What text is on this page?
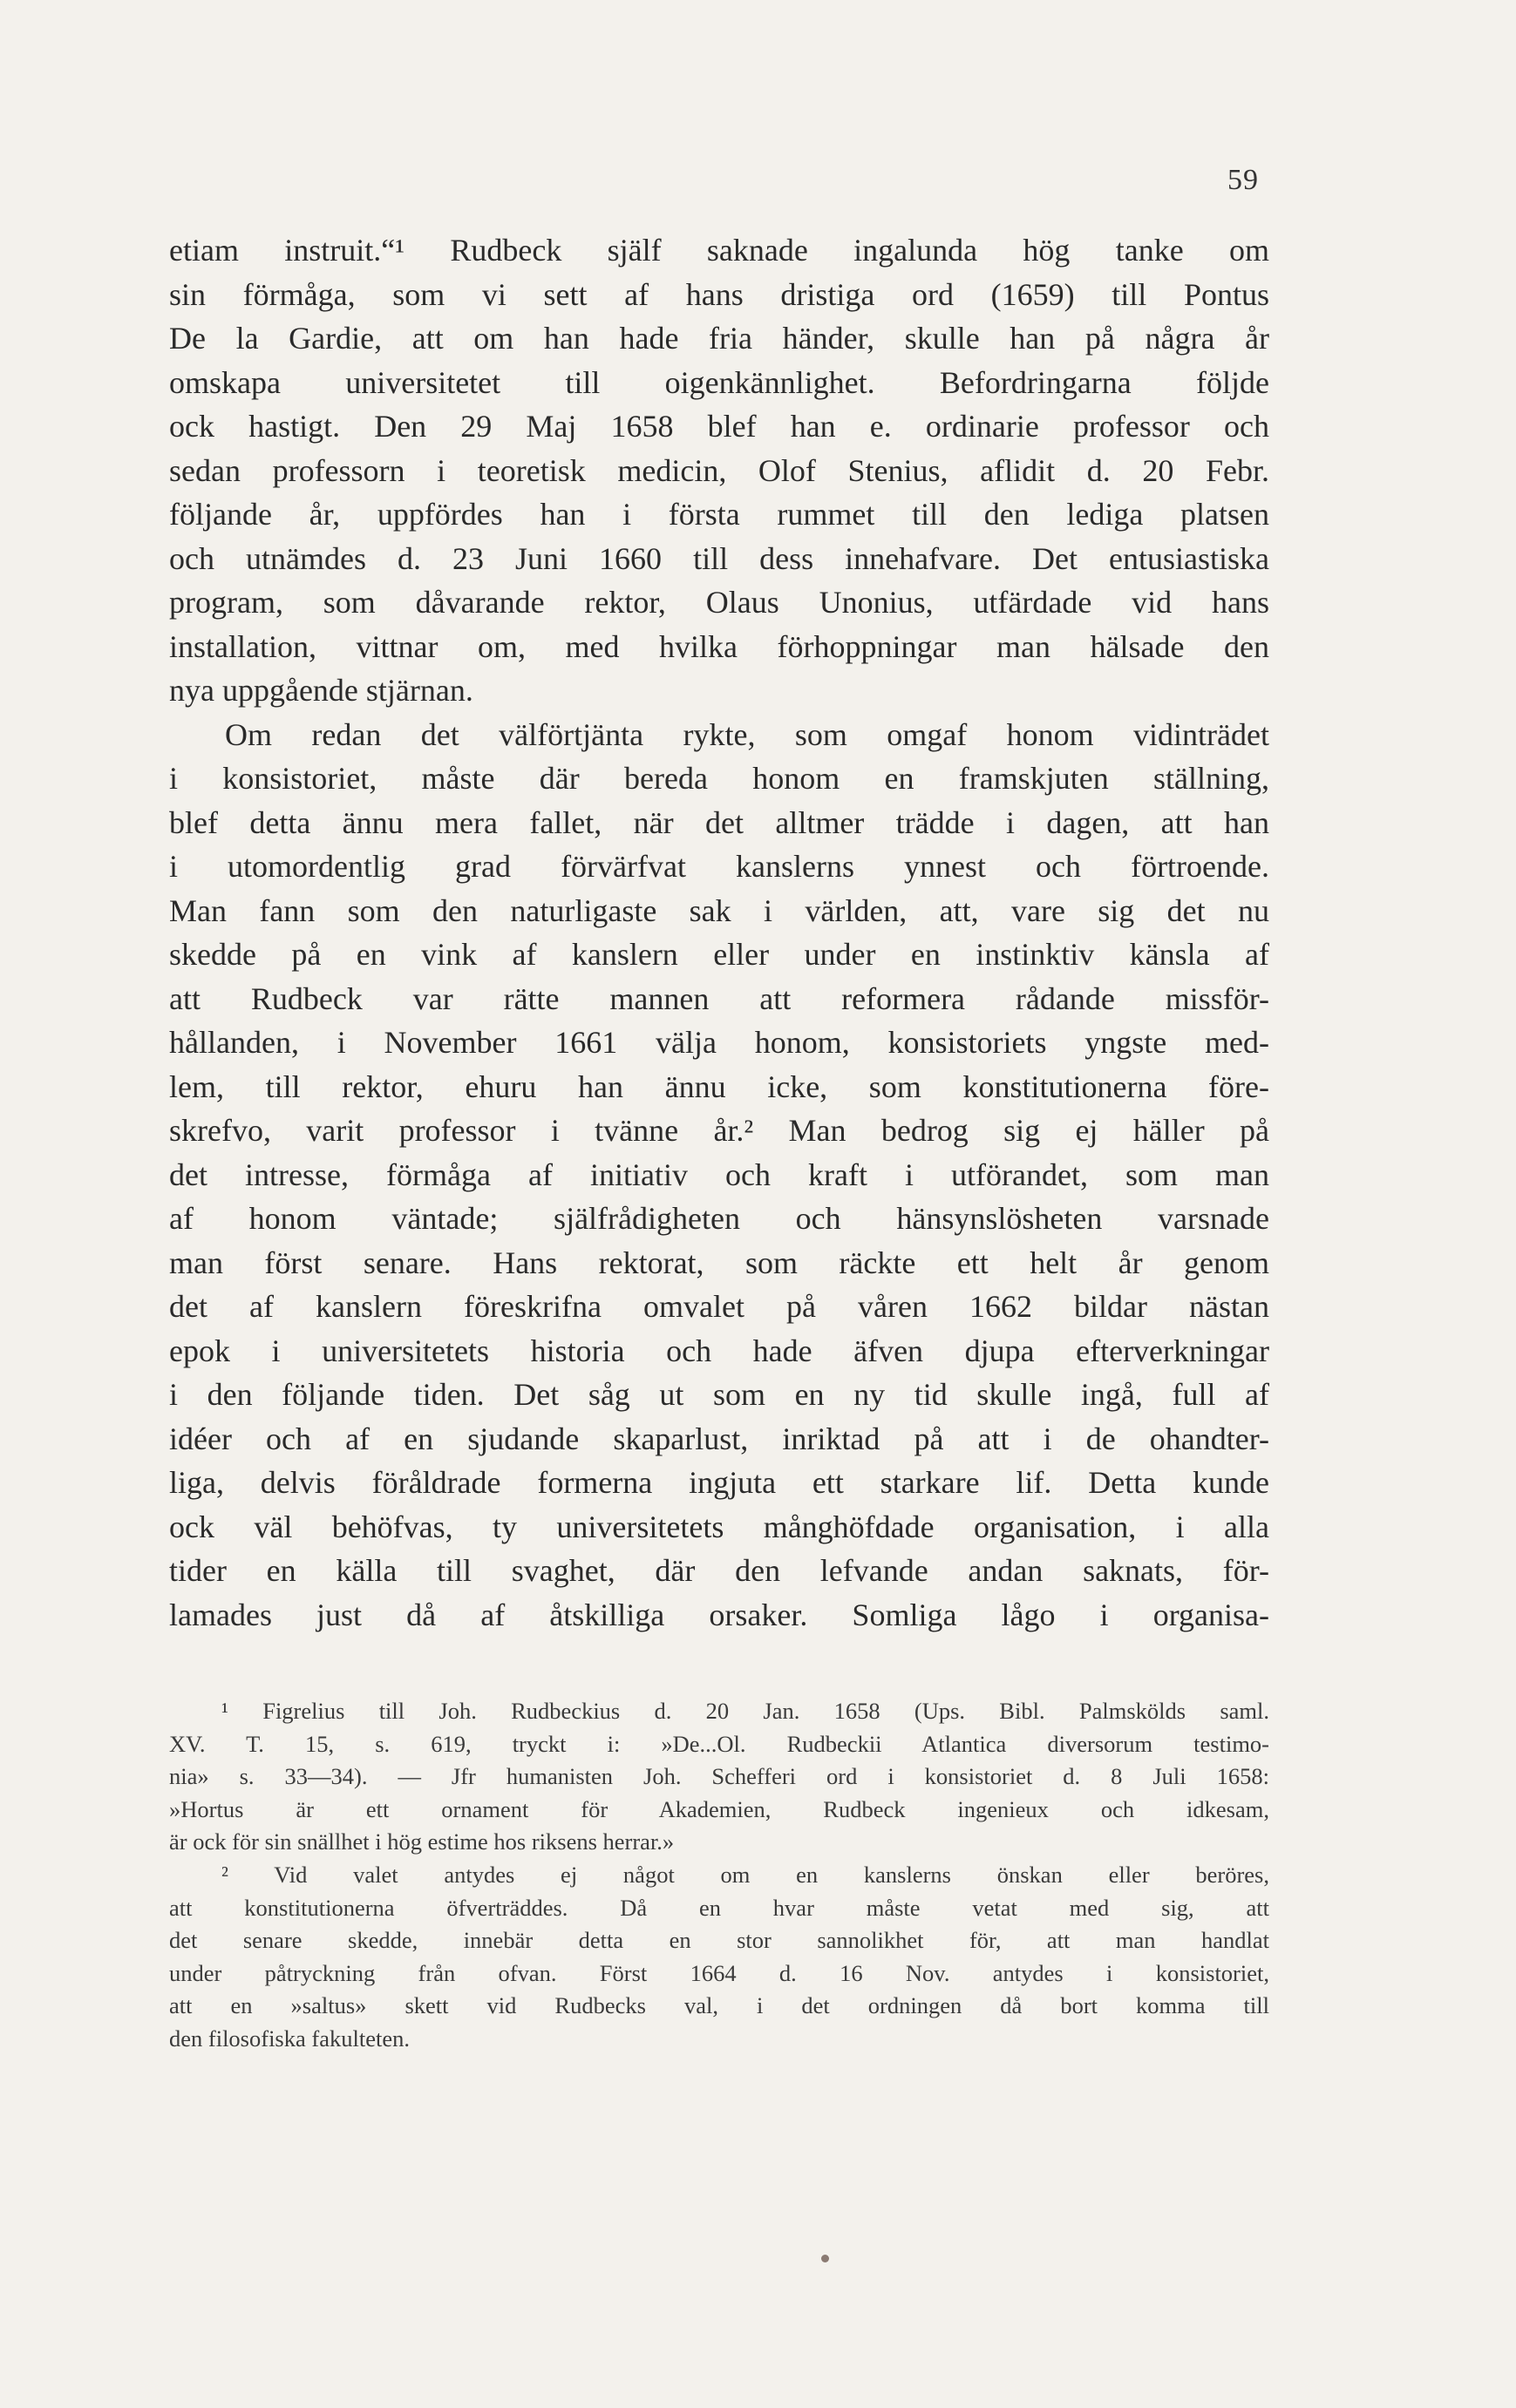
59
etiam instruit.“¹ Rudbeck själf saknade ingalunda hög tanke om
sin förmåga, som vi sett af hans dristiga ord (1659) till Pontus
De la Gardie, att om han hade fria händer, skulle han på några år
omskapa universitetet till oigenkännlighet. Befordringarna följde
ock hastigt. Den 29 Maj 1658 blef han e. ordinarie professor och
sedan professorn i teoretisk medicin, Olof Stenius, aflidit d. 20 Febr.
följande år, uppfördes han i första rummet till den lediga platsen
och utnämdes d. 23 Juni 1660 till dess innehafvare. Det entusiastiska
program, som dåvarande rektor, Olaus Unonius, utfärdade vid hans
installation, vittnar om, med hvilka förhoppningar man hälsade den
nya uppgående stjärnan.
Om redan det välförtjänta rykte, som omgaf honom vidinträdet
i konsistoriet, måste där bereda honom en framskjuten ställning,
blef detta ännu mera fallet, när det alltmer trädde i dagen, att han
i utomordentlig grad förvärfvat kanslerns ynnest och förtroende.
Man fann som den naturligaste sak i världen, att, vare sig det nu
skedde på en vink af kanslern eller under en instinktiv känsla af
att Rudbeck var rätte mannen att reformera rådande missför-
hållanden, i November 1661 välja honom, konsistoriets yngste med-
lem, till rektor, ehuru han ännu icke, som konstitutionerna före-
skrefvo, varit professor i tvänne år.² Man bedrog sig ej häller på
det intresse, förmåga af initiativ och kraft i utförandet, som man
af honom väntade; själfrådigheten och hänsynslösheten varsnade
man först senare. Hans rektorat, som räckte ett helt år genom
det af kanslern föreskrifna omvalet på våren 1662 bildar nästan
epok i universitetets historia och hade äfven djupa efterverkningar
i den följande tiden. Det såg ut som en ny tid skulle ingå, full af
idéer och af en sjudande skaparlust, inriktad på att i de ohandter-
liga, delvis föråldrade formerna ingjuta ett starkare lif. Detta kunde
ock väl behöfvas, ty universitetets månghöfdade organisation, i alla
tider en källa till svaghet, där den lefvande andan saknats, för-
lamades just då af åtskilliga orsaker. Somliga lågo i organisa-
¹ Figrelius till Joh. Rudbeckius d. 20 Jan. 1658 (Ups. Bibl. Palmskölds saml.
XV. T. 15, s. 619, tryckt i: »De...Ol. Rudbeckii Atlantica diversorum testimo-
nia» s. 33—34). — Jfr humanisten Joh. Schefferi ord i konsistoriet d. 8 Juli 1658:
»Hortus är ett ornament för Akademien, Rudbeck ingenieux och idkesam,
är ock för sin snällhet i hög estime hos riksens herrar.»
² Vid valet antydes ej något om en kanslerns önskan eller beröres,
att konstitutionerna öfverträddes. Då en hvar måste vetat med sig, att
det senare skedde, innebär detta en stor sannolikhet för, att man handlat
under påtryckning från ofvan. Först 1664 d. 16 Nov. antydes i konsistoriet,
att en »saltus» skett vid Rudbecks val, i det ordningen då bort komma till
den filosofiska fakulteten.
